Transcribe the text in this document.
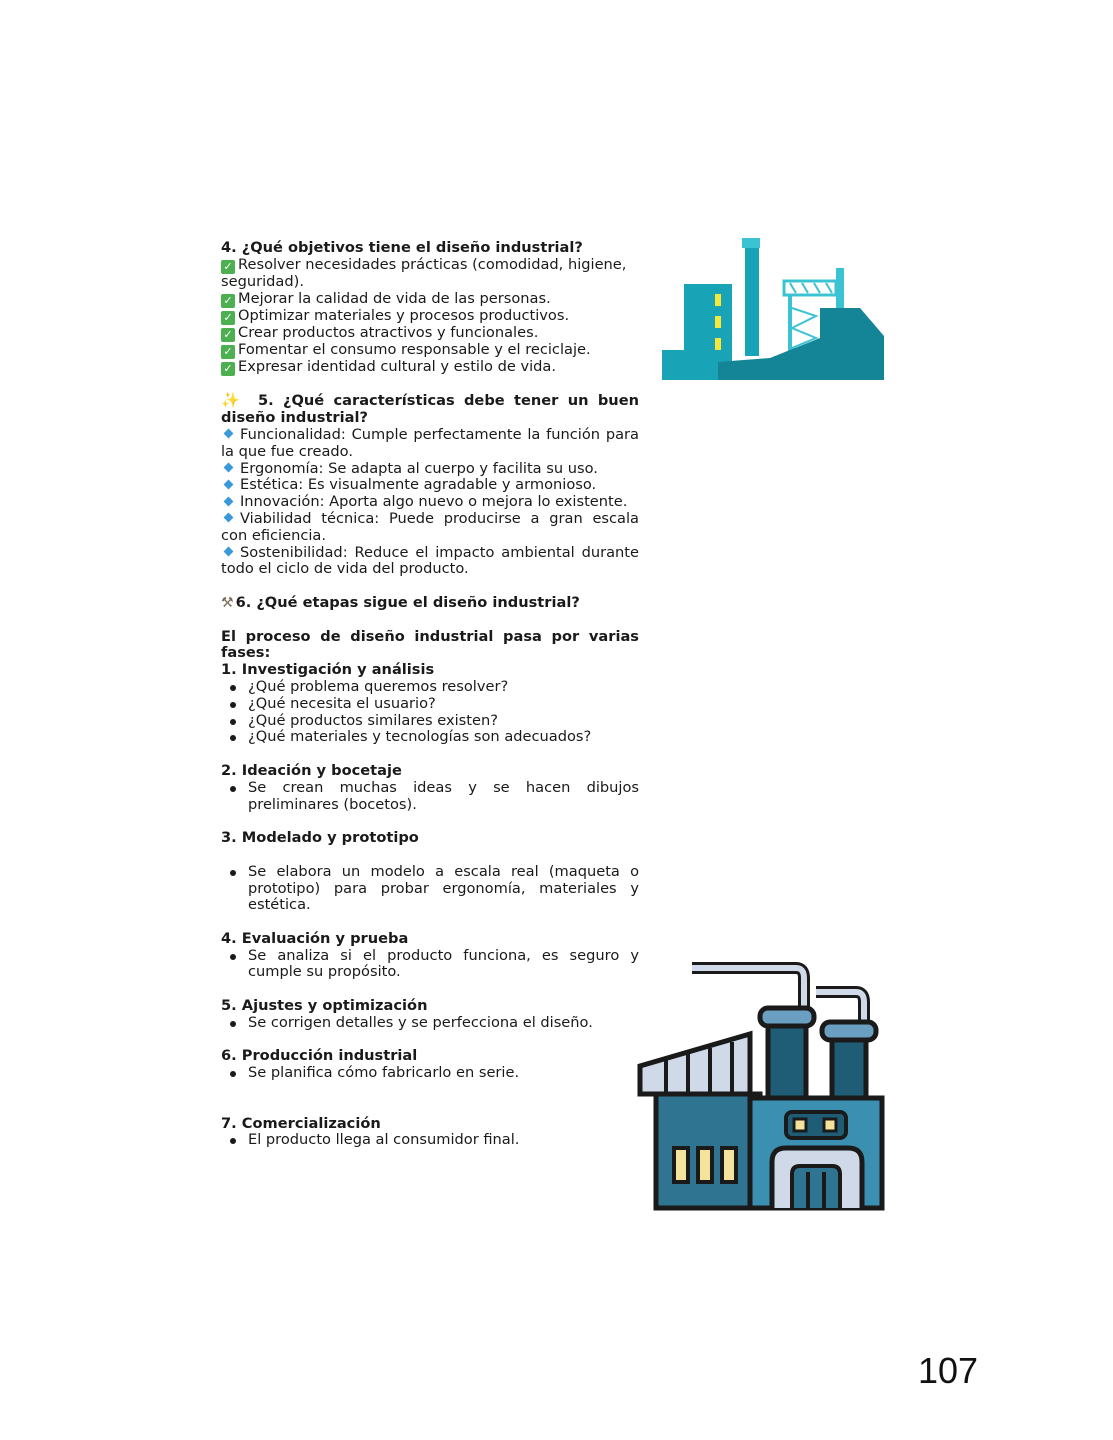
4. ¿Qué objetivos tiene el diseño industrial?

✓ Resolver necesidades prácticas (comodidad, higiene, seguridad).

✓ Mejorar la calidad de vida de las personas.

✓ Optimizar materiales y procesos productivos.

✓ Crear productos atractivos y funcionales.

✓ Fomentar el consumo responsable y el reciclaje.

✓ Expresar identidad cultural y estilo de vida.

✨ 5. ¿Qué características debe tener un buen diseño industrial?

Funcionalidad: Cumple perfectamente la función para la que fue creado.

Ergonomía: Se adapta al cuerpo y facilita su uso.

Estética: Es visualmente agradable y armonioso.

Innovación: Aporta algo nuevo o mejora lo existente.

Viabilidad técnica: Puede producirse a gran escala con eficiencia.

Sostenibilidad: Reduce el impacto ambiental durante todo el ciclo de vida del producto.

⚒ 6. ¿Qué etapas sigue el diseño industrial?

El proceso de diseño industrial pasa por varias fases:

1. Investigación y análisis

¿Qué problema queremos resolver?
¿Qué necesita el usuario?
¿Qué productos similares existen?
¿Qué materiales y tecnologías son adecuados?

2. Ideación y bocetaje

Se crean muchas ideas y se hacen dibujos preliminares (bocetos).

3. Modelado y prototipo

Se elabora un modelo a escala real (maqueta o prototipo) para probar ergonomía, materiales y estética.

4. Evaluación y prueba

Se analiza si el producto funciona, es seguro y cumple su propósito.

5. Ajustes y optimización

Se corrigen detalles y se perfecciona el diseño.

6. Producción industrial

Se planifica cómo fabricarlo en serie.

7. Comercialización

El producto llega al consumidor final.
107
